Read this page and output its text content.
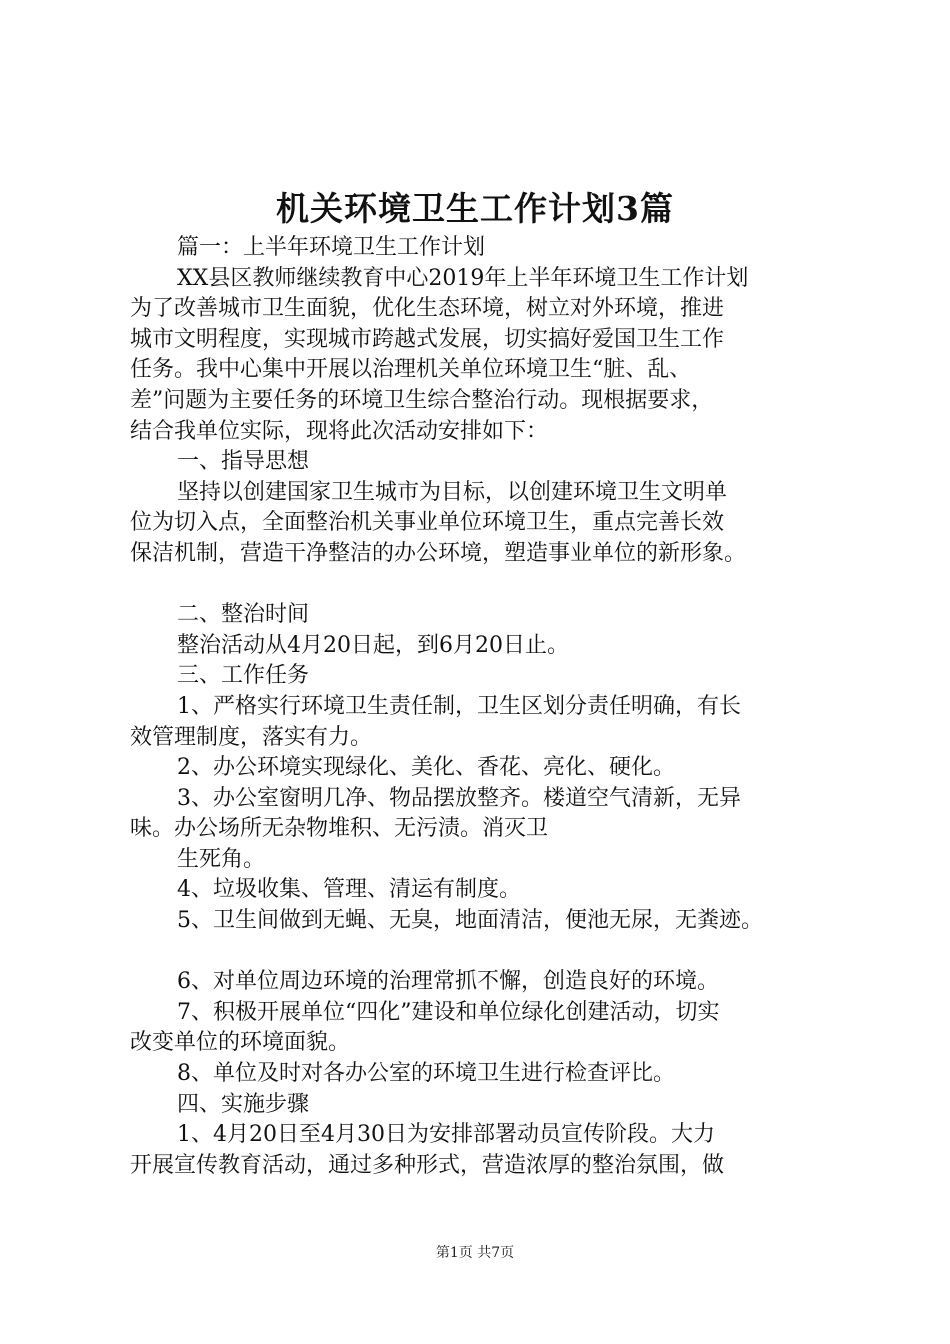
机关环境卫生工作计划3篇

篇一：上半年环境卫生工作计划

XX县区教师继续教育中心2019年上半年环境卫生工作计划

为了改善城市卫生面貌，优化生态环境，树立对外环境，推进

城市文明程度，实现城市跨越式发展，切实搞好爱国卫生工作

任务。我中心集中开展以治理机关单位环境卫生“脏、乱、

差”问题为主要任务的环境卫生综合整治行动。现根据要求，

结合我单位实际，现将此次活动安排如下：

一、指导思想

坚持以创建国家卫生城市为目标，以创建环境卫生文明单

位为切入点，全面整治机关事业单位环境卫生，重点完善长效

保洁机制，营造干净整洁的办公环境，塑造事业单位的新形象。

二、整治时间

整治活动从4月20日起，到6月20日止。

三、工作任务

1、严格实行环境卫生责任制，卫生区划分责任明确，有长

效管理制度，落实有力。

2、办公环境实现绿化、美化、香花、亮化、硬化。

3、办公室窗明几净、物品摆放整齐。楼道空气清新，无异

味。办公场所无杂物堆积、无污渍。消灭卫

生死角。

4、垃圾收集、管理、清运有制度。

5、卫生间做到无蝇、无臭，地面清洁，便池无尿，无粪迹。

6、对单位周边环境的治理常抓不懈，创造良好的环境。

7、积极开展单位“四化”建设和单位绿化创建活动，切实

改变单位的环境面貌。

8、单位及时对各办公室的环境卫生进行检查评比。

四、实施步骤

1、4月20日至4月30日为安排部署动员宣传阶段。大力

开展宣传教育活动，通过多种形式，营造浓厚的整治氛围，做

第1页 共7页
